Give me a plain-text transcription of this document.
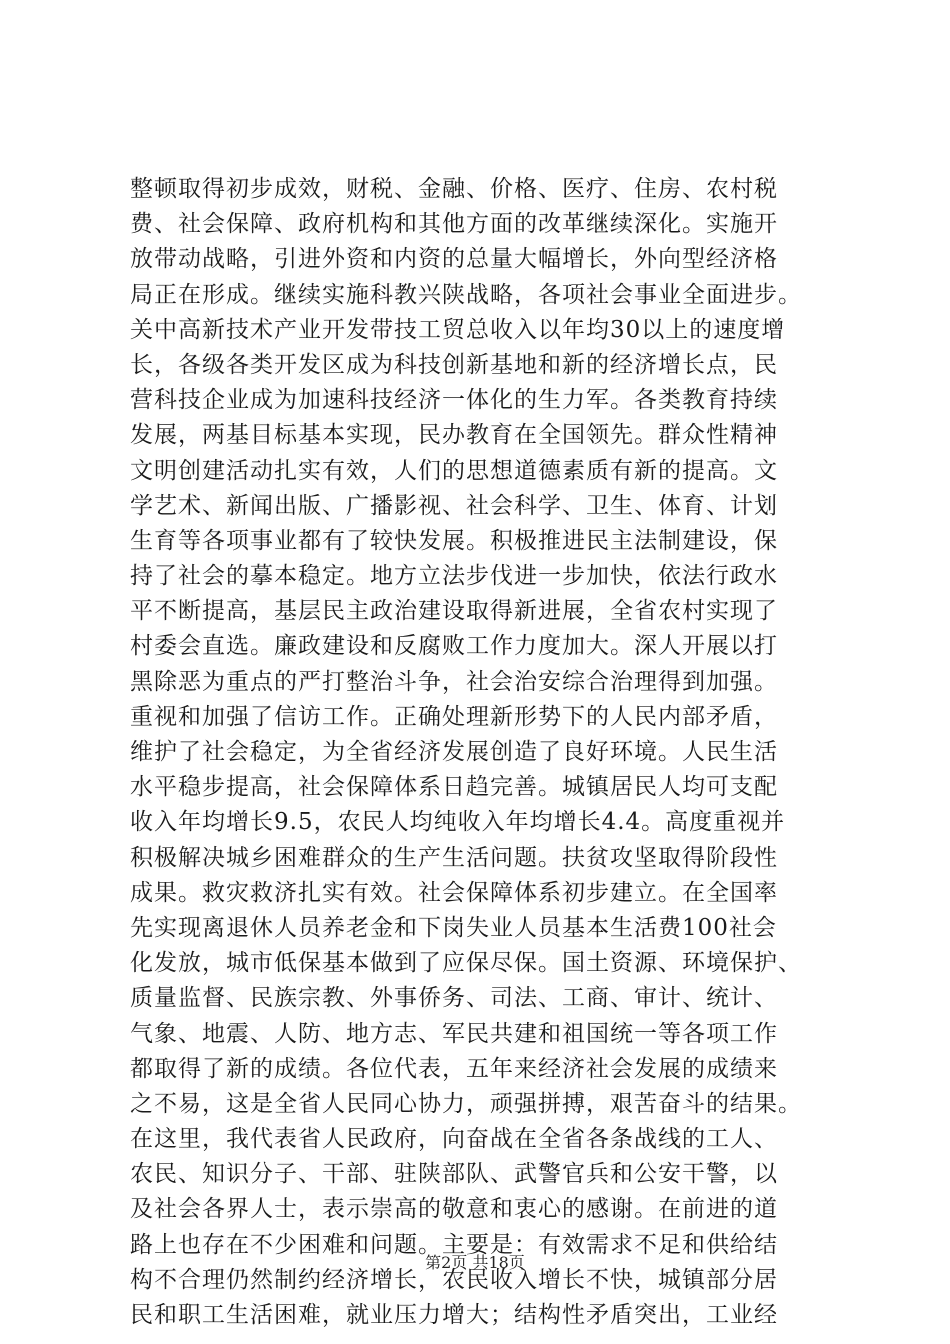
整顿取得初步成效，财税、金融、价格、医疗、住房、农村税
费、社会保障、政府机构和其他方面的改革继续深化。实施开
放带动战略，引进外资和内资的总量大幅增长，外向型经济格
局正在形成。继续实施科教兴陕战略，各项社会事业全面进步。
关中高新技术产业开发带技工贸总收入以年均30以上的速度增
长，各级各类开发区成为科技创新基地和新的经济增长点，民
营科技企业成为加速科技经济一体化的生力军。各类教育持续
发展，两基目标基本实现，民办教育在全国领先。群众性精神
文明创建活动扎实有效，人们的思想道德素质有新的提高。文
学艺术、新闻出版、广播影视、社会科学、卫生、体育、计划
生育等各项事业都有了较快发展。积极推进民主法制建设，保
持了社会的摹本稳定。地方立法步伐进一步加快，依法行政水
平不断提高，基层民主政治建设取得新进展，全省农村实现了
村委会直选。廉政建设和反腐败工作力度加大。深人开展以打
黑除恶为重点的严打整治斗争，社会治安综合治理得到加强。
重视和加强了信访工作。正确处理新形势下的人民内部矛盾，
维护了社会稳定，为全省经济发展创造了良好环境。人民生活
水平稳步提高，社会保障体系日趋完善。城镇居民人均可支配
收入年均增长9.5，农民人均纯收入年均增长4.4。高度重视并
积极解决城乡困难群众的生产生活问题。扶贫攻坚取得阶段性
成果。救灾救济扎实有效。社会保障体系初步建立。在全国率
先实现离退休人员养老金和下岗失业人员基本生活费100社会
化发放，城市低保基本做到了应保尽保。国土资源、环境保护、
质量监督、民族宗教、外事侨务、司法、工商、审计、统计、
气象、地震、人防、地方志、军民共建和祖国统一等各项工作
都取得了新的成绩。各位代表，五年来经济社会发展的成绩来
之不易，这是全省人民同心协力，顽强拼搏，艰苦奋斗的结果。
在这里，我代表省人民政府，向奋战在全省各条战线的工人、
农民、知识分子、干部、驻陕部队、武警官兵和公安干警，以
及社会各界人士，表示崇高的敬意和衷心的感谢。在前进的道
路上也存在不少困难和问题。主要是：有效需求不足和供给结
构不合理仍然制约经济增长，农民收入增长不快，城镇部分居
民和职工生活困难，就业压力增大；结构性矛盾突出，工业经
第2页 共18页
